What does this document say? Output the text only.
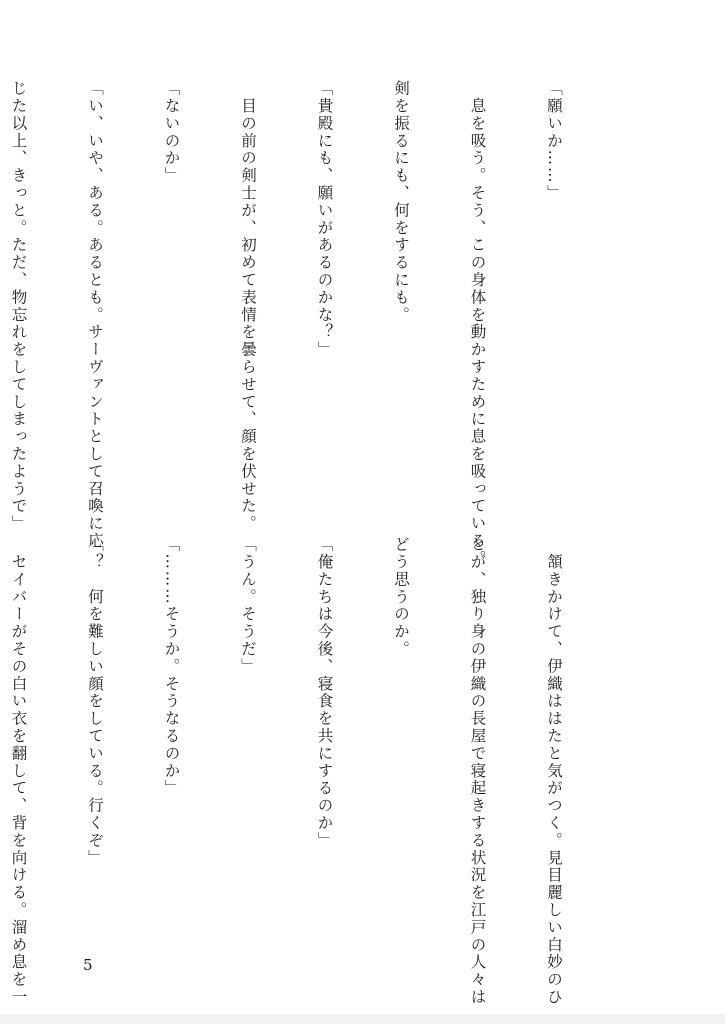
「願いか……」

　息を吸う。そう、この身体を動かすために息を吸っている。

剣を振るにも、何をするにも。

「貴殿にも、願いがあるのかな？」

　目の前の剣士が、初めて表情を曇らせて、顔を伏せた。

「ないのか」

「い、いや、ある。あるとも。サーヴァントとして召喚に応

じた以上、きっと。ただ、物忘れをしてしまったようで」

　頷きかけて、伊織ははたと気がつく。見目麗しい白妙のひ

とが、独り身の伊織の長屋で寝起きする状況を江戸の人々は

どう思うのか。

「俺たちは今後、寝食を共にするのか」

「うん。そうだ」

「………そうか。そうなるのか」

「？　何を難しい顔をしている。行くぞ」

　セイバーがその白い衣を翻して、背を向ける。溜め息を一

	5
